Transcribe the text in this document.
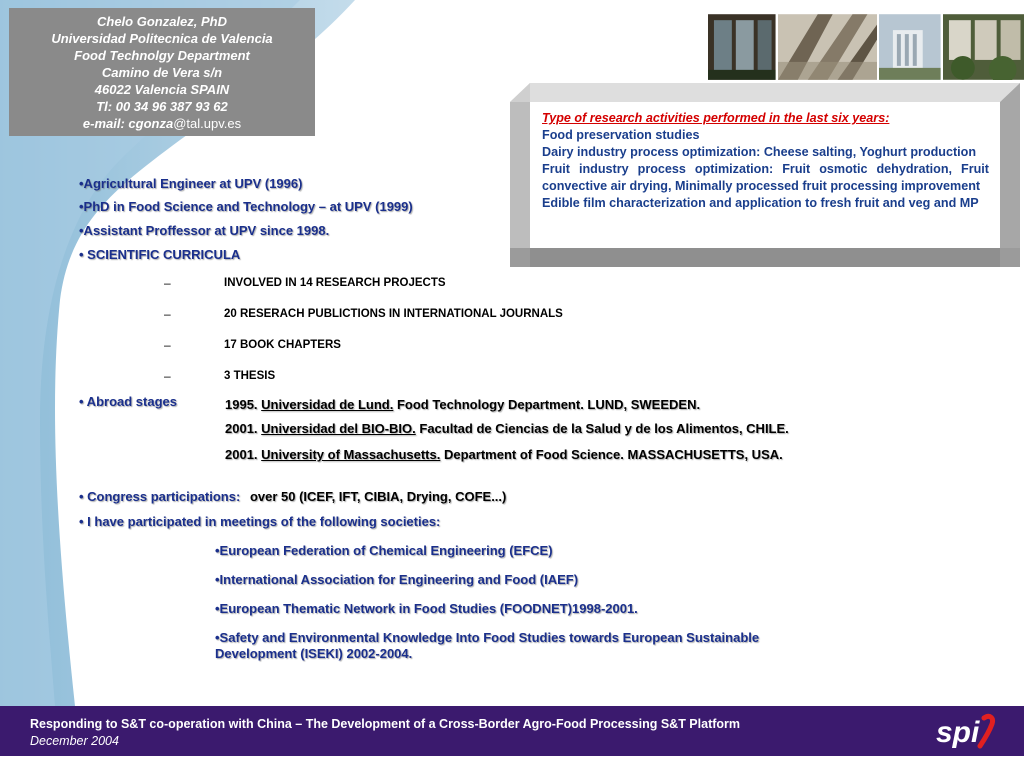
Chelo Gonzalez, PhD
Universidad Politecnica de Valencia
Food Technolgy Department
Camino de Vera s/n
46022 Valencia SPAIN
Tl: 00 34 96 387 93 62
e-mail: cgonza@tal.upv.es	Type of research activities performed in the last six years:
Food preservation studies
Dairy industry process optimization: Cheese salting, Yoghurt production
Fruit industry process optimization: Fruit osmotic dehydration, Fruit convective air drying, Minimally processed fruit processing improvement
Edible film characterization and application to fresh fruit and veg and MP
•Agricultural Engineer at UPV (1996)
•PhD in Food Science and Technology – at UPV (1999)
•Assistant Proffessor at UPV since 1998.
• SCIENTIFIC CURRICULA
–	INVOLVED IN 14 RESEARCH PROJECTS
–	20 RESERACH PUBLICTIONS IN INTERNATIONAL JOURNALS
–	17 BOOK CHAPTERS
–	3 THESIS
• Abroad stages	1995. Universidad de Lund. Food Technology Department. LUND, SWEEDEN.
2001. Universidad del BIO-BIO. Facultad de Ciencias de la Salud y de los Alimentos, CHILE.
2001. University of Massachusetts. Department of Food Science. MASSACHUSETTS, USA.
• Congress participations: over 50 (ICEF, IFT, CIBIA, Drying, COFE...)
• I have participated in meetings of the following societies:
•European Federation of Chemical Engineering (EFCE)
•International Association for Engineering and Food (IAEF)
•European Thematic Network in Food Studies (FOODNET)1998-2001.
•Safety and Environmental Knowledge Into Food Studies towards European Sustainable
Development (ISEKI) 2002-2004.
Responding to S&T co-operation with China – The Development of a Cross-Border Agro-Food Processing S&T Platform
December 2004	spi
